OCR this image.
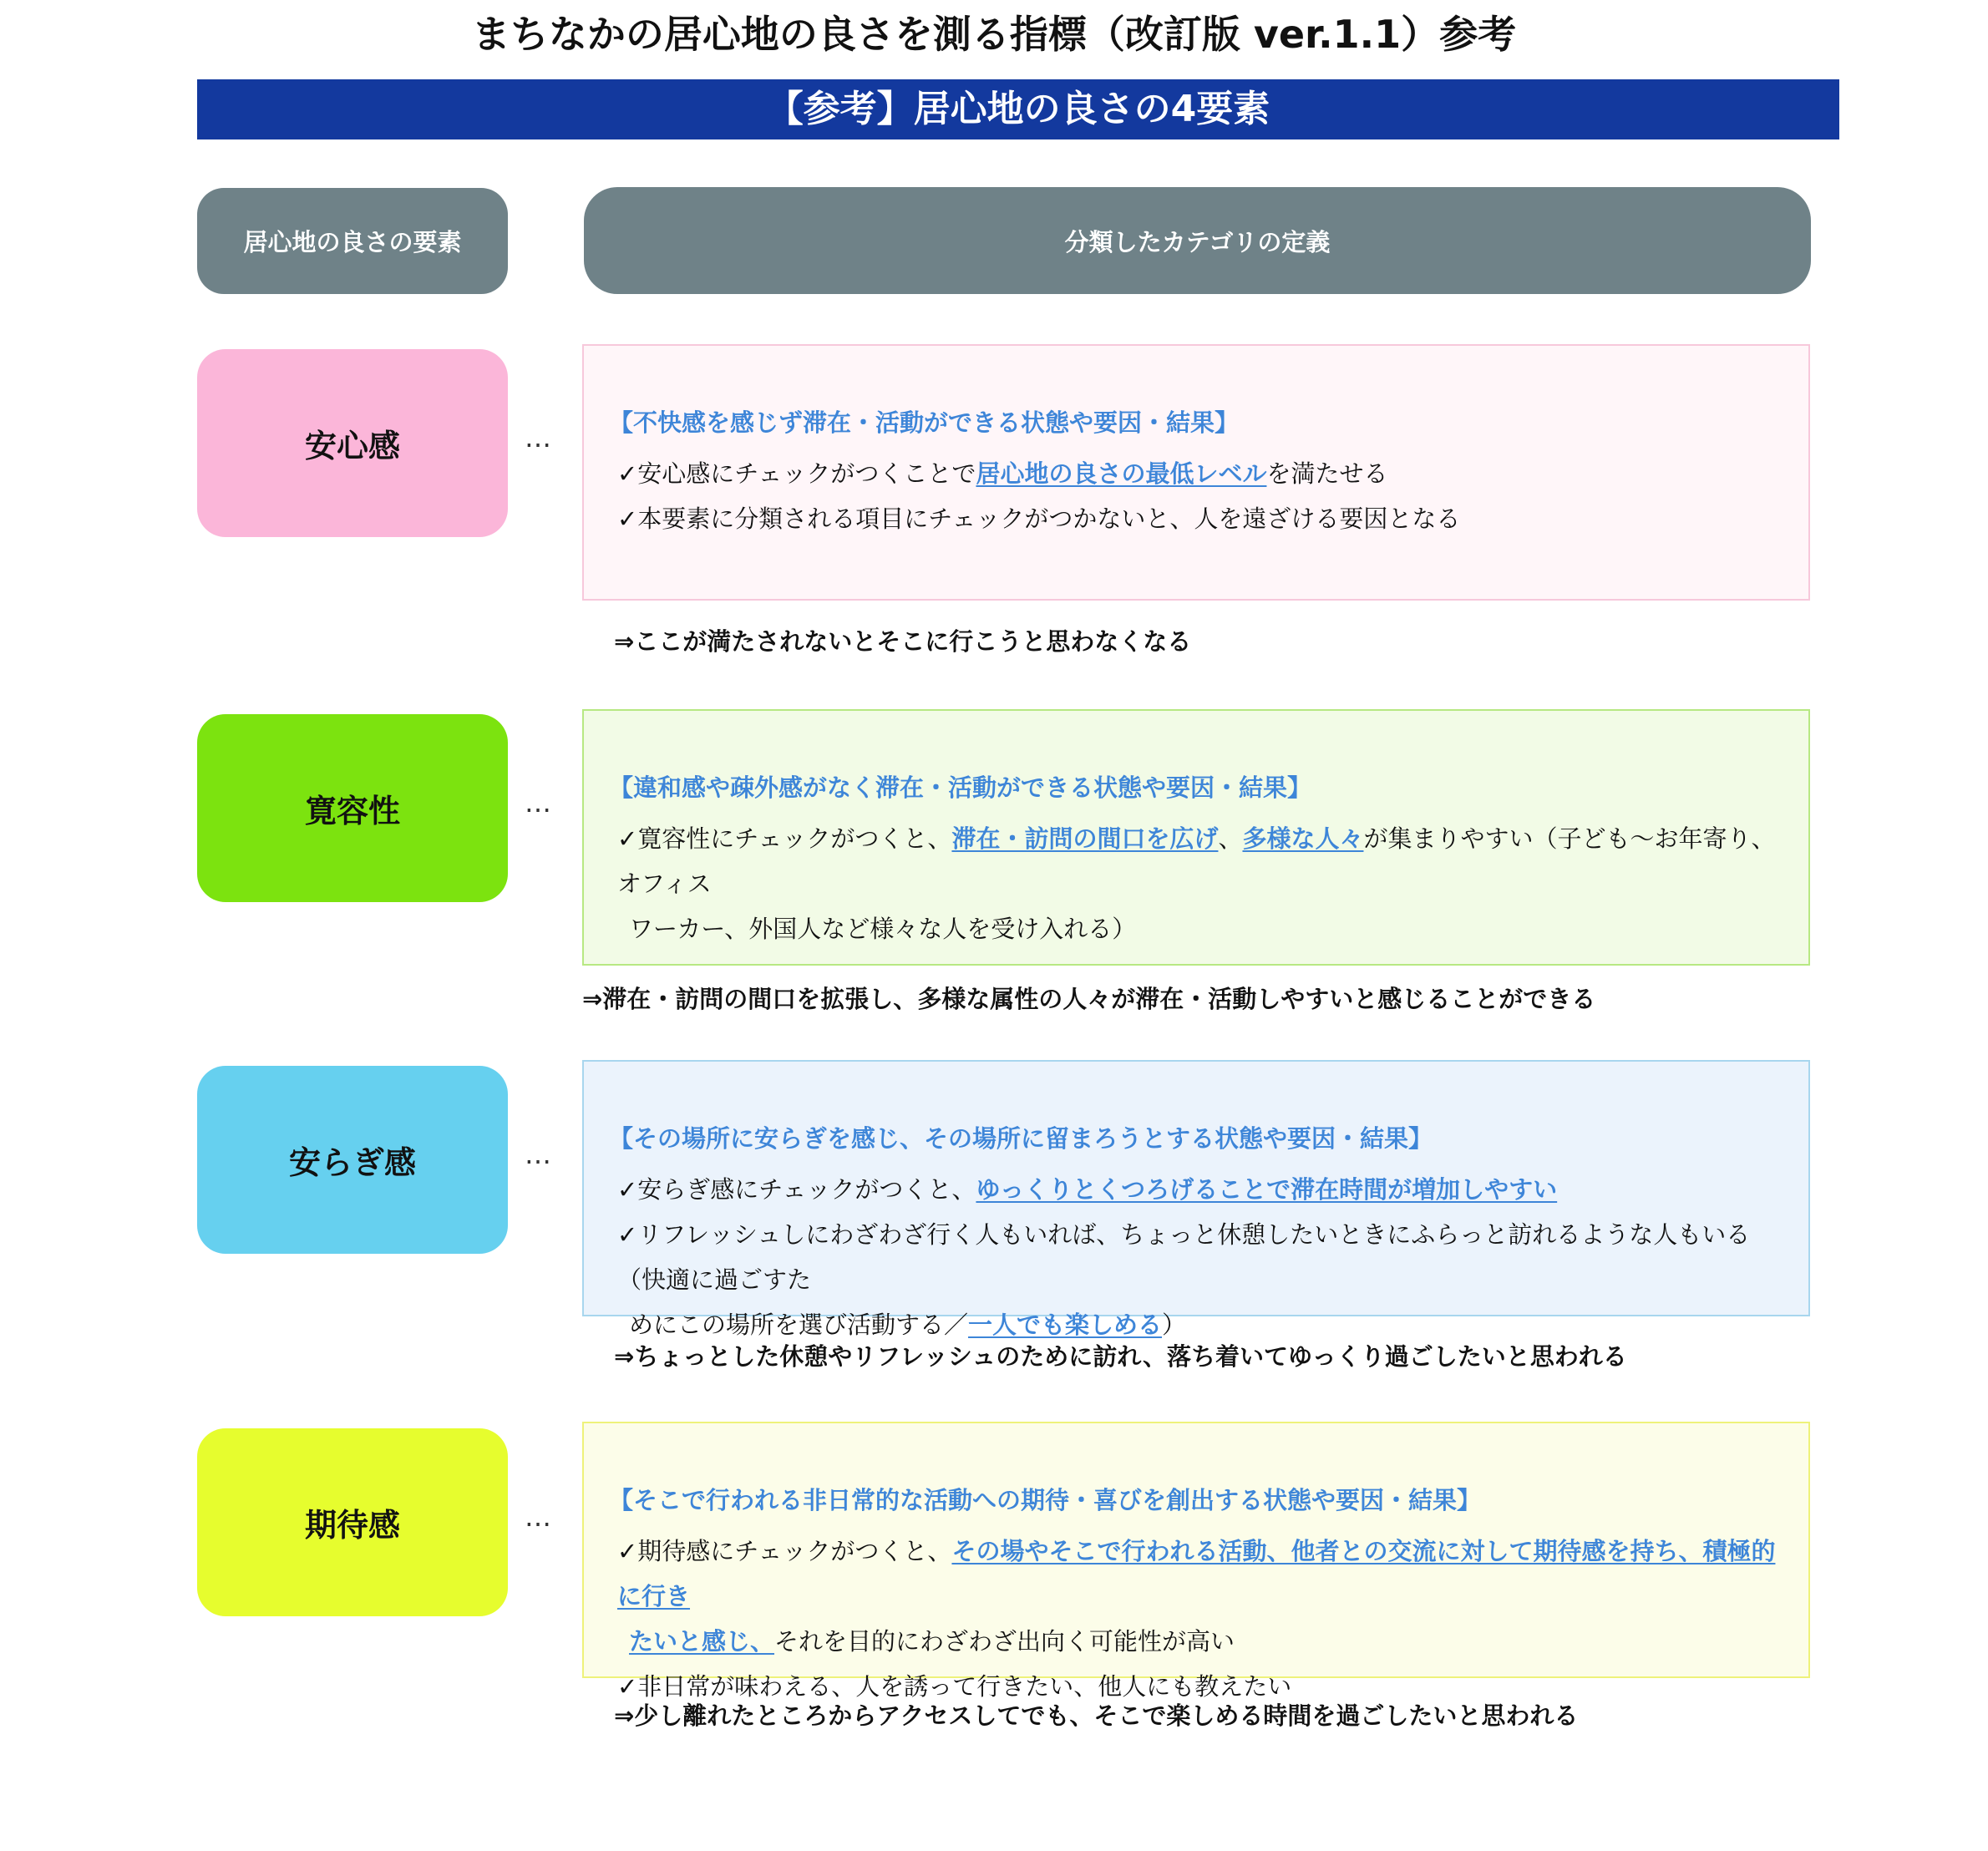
まちなかの居心地の良さを測る指標（改訂版 ver.1.1）参考
【参考】居心地の良さの4要素
居心地の良さの要素	分類したカテゴリの定義
安心感	… 【不快感を感じず滞在・活動ができる状態や要因・結果】
✓安心感にチェックがつくことで居心地の良さの最低レベルを満たせる
✓本要素に分類される項目にチェックがつかないと、人を遠ざける要因となる
⇒ここが満たされないとそこに行こうと思わなくなる
寛容性	… 【違和感や疎外感がなく滞在・活動ができる状態や要因・結果】
✓寛容性にチェックがつくと、滞在・訪問の間口を広げ、多様な人々が集まりやすい（子ども～お年寄り、オフィス
ワーカー、外国人など様々な人を受け入れる）
⇒滞在・訪問の間口を拡張し、多様な属性の人々が滞在・活動しやすいと感じることができる
安らぎ感	… 【その場所に安らぎを感じ、その場所に留まろうとする状態や要因・結果】
✓安らぎ感にチェックがつくと、ゆっくりとくつろげることで滞在時間が増加しやすい
✓リフレッシュしにわざわざ行く人もいれば、ちょっと休憩したいときにふらっと訪れるような人もいる（快適に過ごすた
めにこの場所を選び活動する／一人でも楽しめる）
⇒ちょっとした休憩やリフレッシュのために訪れ、落ち着いてゆっくり過ごしたいと思われる
期待感	…
【そこで行われる非日常的な活動への期待・喜びを創出する状態や要因・結果】
✓期待感にチェックがつくと、その場やそこで行われる活動、他者との交流に対して期待感を持ち、積極的に行き
たいと感じ、それを目的にわざわざ出向く可能性が高い
✓非日常が味わえる、人を誘って行きたい、他人にも教えたい
⇒少し離れたところからアクセスしてでも、そこで楽しめる時間を過ごしたいと思われる
